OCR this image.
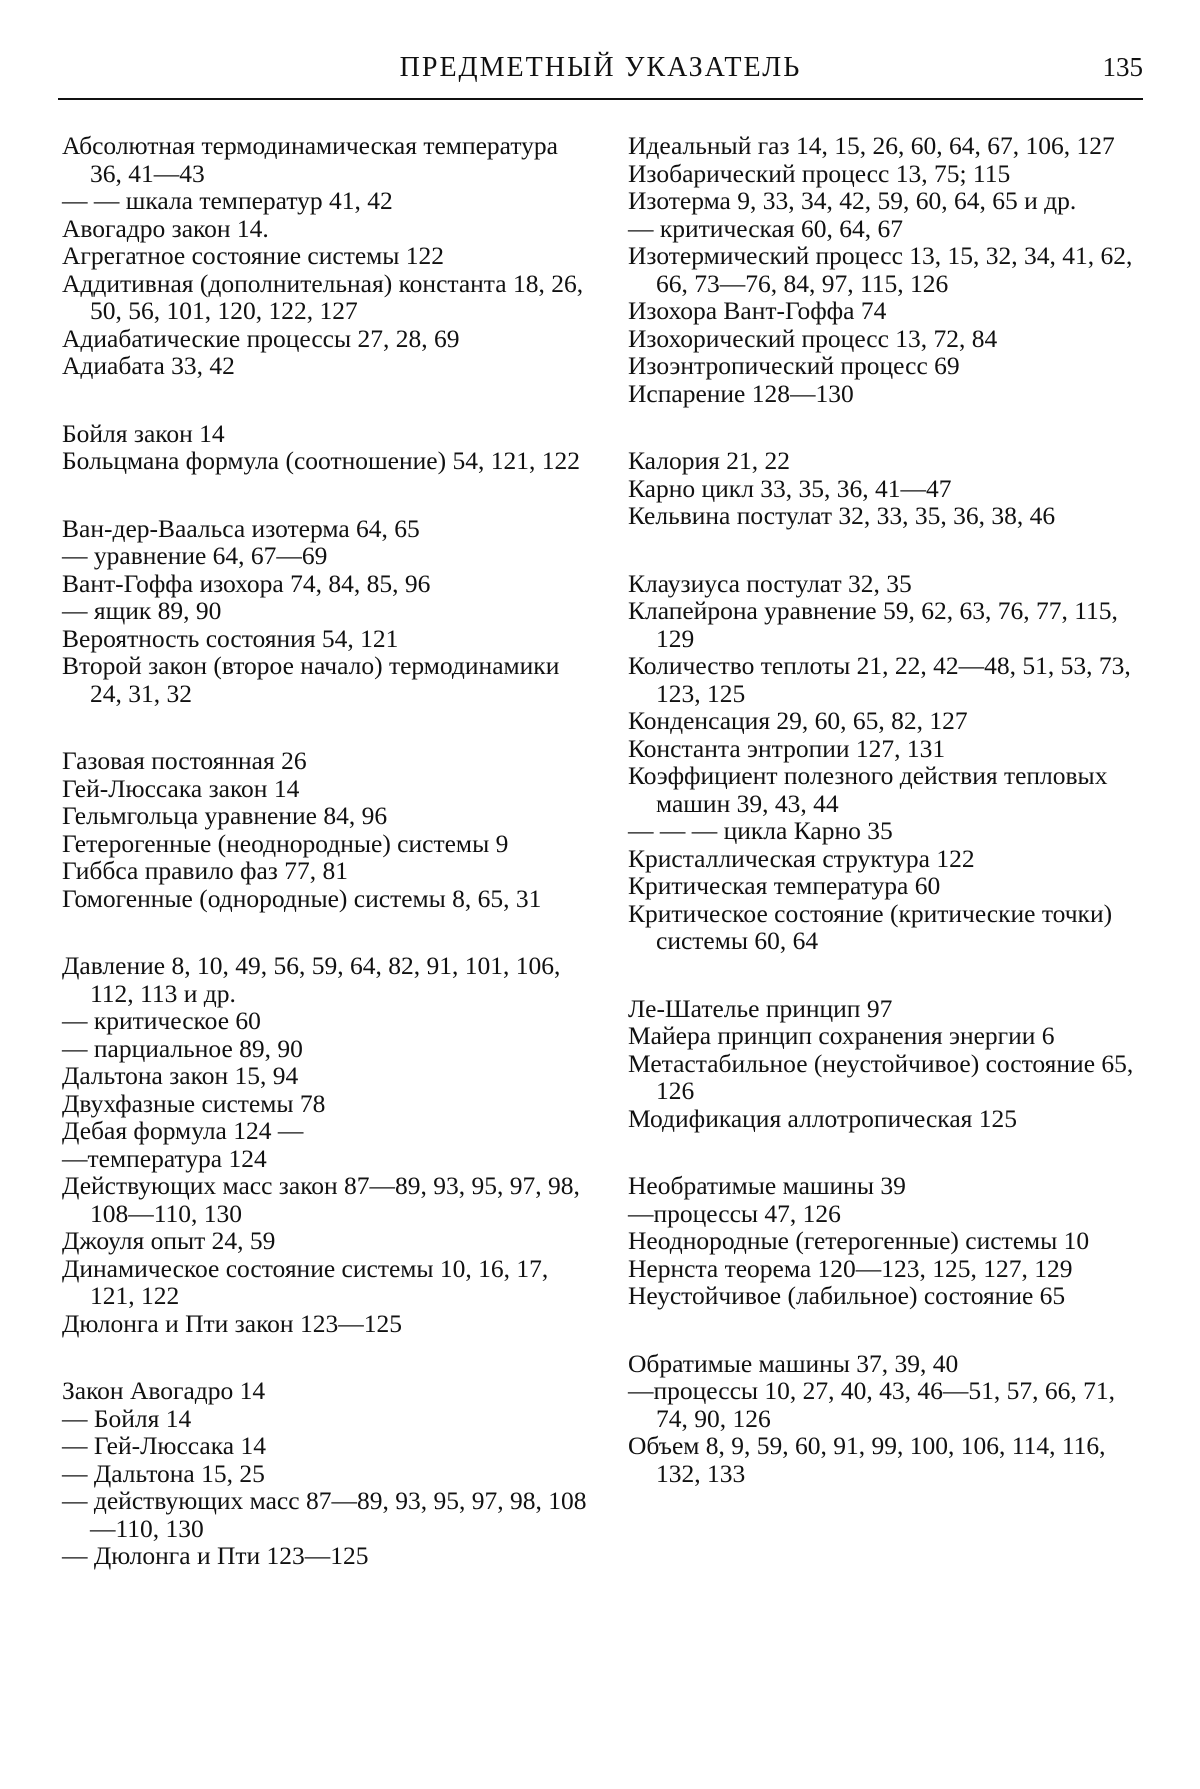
ПРЕДМЕТНЫЙ УКАЗАТЕЛЬ	135
Абсолютная термодинамическая температура 36, 41—43
— — шкала температур 41, 42
Авогадро закон 14.
Агрегатное состояние системы 122
Аддитивная (дополнительная) константа 18, 26, 50, 56, 101, 120, 122, 127
Адиабатические процессы 27, 28, 69
Адиабата 33, 42
Бойля закон 14
Больцмана формула (соотношение) 54, 121, 122
Ван-дер-Ваальса изотерма 64, 65
— уравнение 64, 67—69
Вант-Гоффа изохора 74, 84, 85, 96
— ящик 89, 90
Вероятность состояния 54, 121
Второй закон (второе начало) термодинамики 24, 31, 32
Газовая постоянная 26
Гей-Люссака закон 14
Гельмгольца уравнение 84, 96
Гетерогенные (неоднородные) системы 9
Гиббса правило фаз 77, 81
Гомогенные (однородные) системы 8, 65, 31
Давление 8, 10, 49, 56, 59, 64, 82, 91, 101, 106, 112, 113 и др.
— критическое 60
— парциальное 89, 90
Дальтона закон 15, 94
Двухфазные системы 78
Дебая формула 124 —
—температура 124
Действующих масс закон 87—89, 93, 95, 97, 98, 108—110, 130
Джоуля опыт 24, 59
Динамическое состояние системы 10, 16, 17, 121, 122
Дюлонга и Пти закон 123—125
Закон Авогадро 14
— Бойля 14
— Гей-Люссака 14
— Дальтона 15, 25
— действующих масс 87—89, 93, 95, 97, 98, 108—110, 130
— Дюлонга и Пти 123—125
Идеальный газ 14, 15, 26, 60, 64, 67, 106, 127
Изобарический процесс 13, 75; 115
Изотерма 9, 33, 34, 42, 59, 60, 64, 65 и др.
— критическая 60, 64, 67
Изотермический процесс 13, 15, 32, 34, 41, 62, 66, 73—76, 84, 97, 115, 126
Изохора Вант-Гоффа 74
Изохорический процесс 13, 72, 84
Изоэнтропический процесс 69
Испарение 128—130
Калория 21, 22
Карно цикл 33, 35, 36, 41—47
Кельвина постулат 32, 33, 35, 36, 38, 46
Клаузиуса постулат 32, 35
Клапейрона уравнение 59, 62, 63, 76, 77, 115, 129
Количество теплоты 21, 22, 42—48, 51, 53, 73, 123, 125
Конденсация 29, 60, 65, 82, 127
Константа энтропии 127, 131
Коэффициент полезного действия тепловых машин 39, 43, 44
— — — цикла Карно 35
Кристаллическая структура 122
Критическая температура 60
Критическое состояние (критические точки) системы 60, 64
Ле-Шателье принцип 97
Майера принцип сохранения энергии 6
Метастабильное (неустойчивое) состояние 65, 126
Модификация аллотропическая 125
Необратимые машины 39
—процессы 47, 126
Неоднородные (гетерогенные) системы 10
Нернста теорема 120—123, 125, 127, 129
Неустойчивое (лабильное) состояние 65
Обратимые машины 37, 39, 40
—процессы 10, 27, 40, 43, 46—51, 57, 66, 71, 74, 90, 126
Объем 8, 9, 59, 60, 91, 99, 100, 106, 114, 116, 132, 133
